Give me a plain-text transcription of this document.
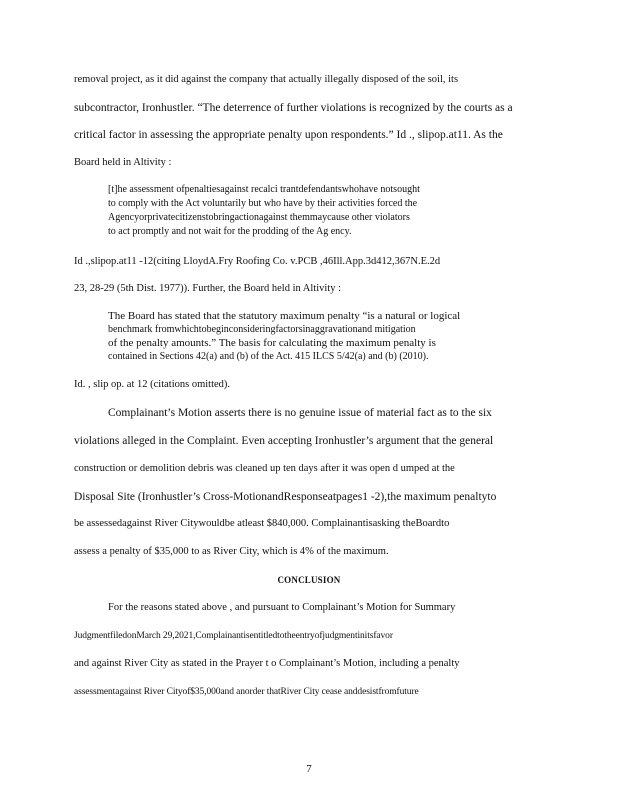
removal project, as it did against the company that actually illegally disposed of the soil, its
subcontractor, Ironhustler. “The deterrence of further violations is recognized by the courts as a
critical factor in assessing the appropriate penalty upon respondents.” Id ., slipop.at11. As the
Board held in Altivity :
[t]he assessment ofpenaltiesagainst recalci trantdefendantswhohave notsought
to comply with the Act voluntarily but who have by their activities forced the
Agencyorprivatecitizenstobringactionagainst themmaycause other violators
to act promptly and not wait for the prodding of the Ag ency.
Id .,slipop.at11 -12(citing LloydA.Fry Roofing Co. v.PCB ,46Ill.App.3d412,367N.E.2d
23, 28-29 (5th Dist. 1977)). Further, the Board held in Altivity :
The Board has stated that the statutory maximum penalty “is a natural or logical
benchmark fromwhichtobeginconsideringfactorsinaggravationand mitigation
of the penalty amounts.” The basis for calculating the maximum penalty is
contained in Sections 42(a) and (b) of the Act. 415 ILCS 5/42(a) and (b) (2010).
Id. , slip op. at 12 (citations omitted).
Complainant’s Motion asserts there is no genuine issue of material fact as to the six
violations alleged in the Complaint. Even accepting Ironhustler’s argument that the general
construction or demolition debris was cleaned up ten days after it was open d umped at the
Disposal Site (Ironhustler’s Cross-MotionandResponseatpages1 -2),the maximum penaltyto
be assessedagainst River Citywouldbe atleast $840,000. Complainantisasking theBoardto
assess a penalty of $35,000 to as River City, which is 4% of the maximum.
CONCLUSION
For the reasons stated above , and pursuant to Complainant’s Motion for Summary
JudgmentfiledonMarch 29,2021,Complainantisentitledtotheentryofjudgmentinitsfavor
and against River City as stated in the Prayer t o Complainant’s Motion, including a penalty
assessmentagainst River Cityof$35,000and anorder thatRiver City cease anddesistfromfuture
7
